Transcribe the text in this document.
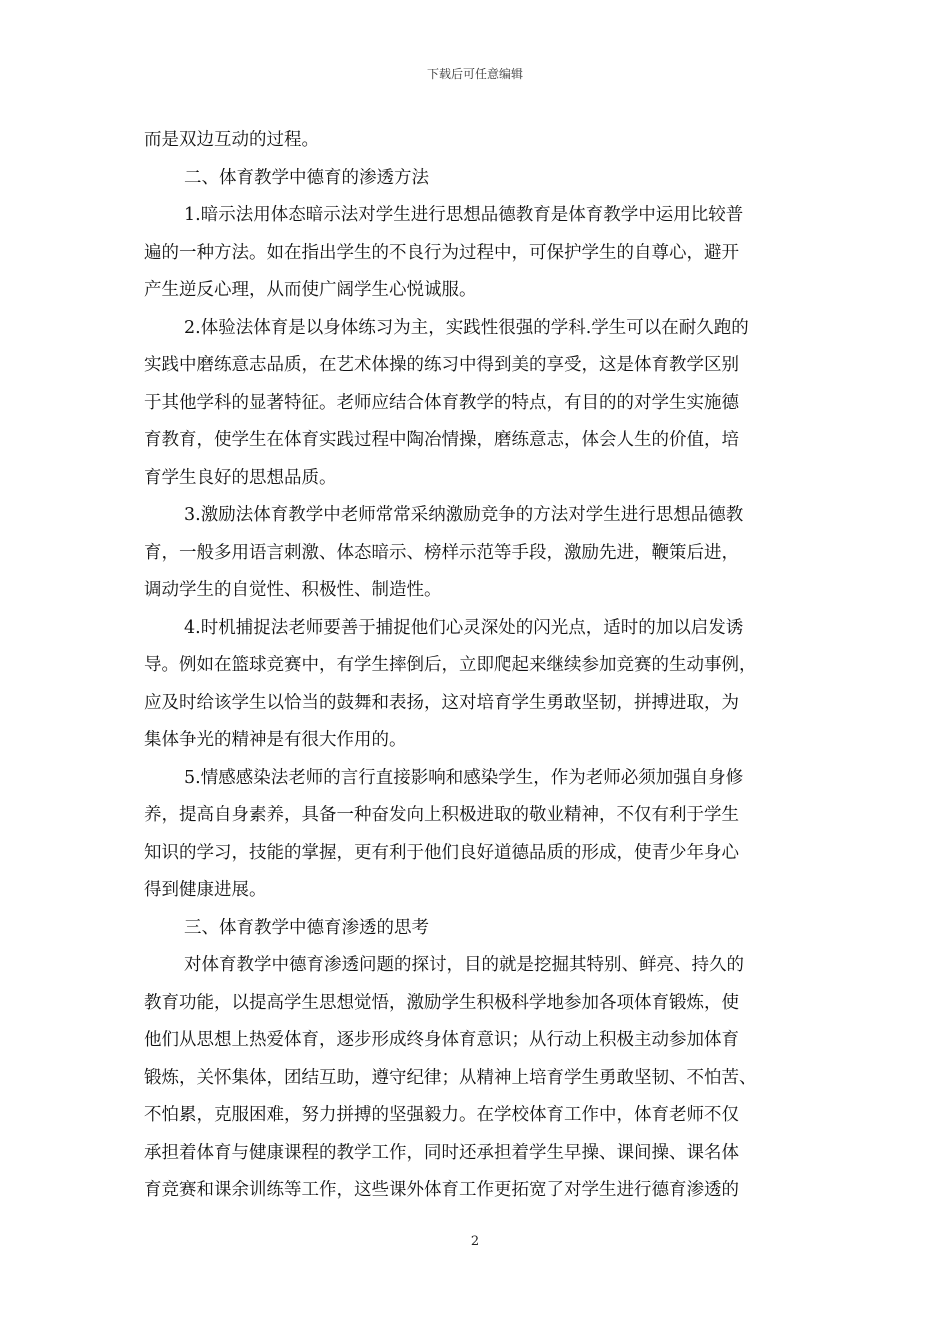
下载后可任意编辑
而是双边互动的过程。
二、体育教学中德育的渗透方法
1.暗示法用体态暗示法对学生进行思想品德教育是体育教学中运用比较普
遍的一种方法。如在指出学生的不良行为过程中，可保护学生的自尊心，避开
产生逆反心理，从而使广阔学生心悦诚服。
2.体验法体育是以身体练习为主，实践性很强的学科.学生可以在耐久跑的
实践中磨练意志品质，在艺术体操的练习中得到美的享受，这是体育教学区别
于其他学科的显著特征。老师应结合体育教学的特点，有目的的对学生实施德
育教育，使学生在体育实践过程中陶冶情操，磨练意志，体会人生的价值，培
育学生良好的思想品质。
3.激励法体育教学中老师常常采纳激励竞争的方法对学生进行思想品德教
育，一般多用语言刺激、体态暗示、榜样示范等手段，激励先进，鞭策后进，
调动学生的自觉性、积极性、制造性。
4.时机捕捉法老师要善于捕捉他们心灵深处的闪光点，适时的加以启发诱
导。例如在篮球竞赛中，有学生摔倒后，立即爬起来继续参加竞赛的生动事例，
应及时给该学生以恰当的鼓舞和表扬，这对培育学生勇敢坚韧，拼搏进取，为
集体争光的精神是有很大作用的。
5.情感感染法老师的言行直接影响和感染学生，作为老师必须加强自身修
养，提高自身素养，具备一种奋发向上积极进取的敬业精神，不仅有利于学生
知识的学习，技能的掌握，更有利于他们良好道德品质的形成，使青少年身心
得到健康进展。
三、体育教学中德育渗透的思考
对体育教学中德育渗透问题的探讨，目的就是挖掘其特别、鲜亮、持久的
教育功能，以提高学生思想觉悟，激励学生积极科学地参加各项体育锻炼，使
他们从思想上热爱体育，逐步形成终身体育意识；从行动上积极主动参加体育
锻炼，关怀集体，团结互助，遵守纪律；从精神上培育学生勇敢坚韧、不怕苦、
不怕累，克服困难，努力拼搏的坚强毅力。在学校体育工作中，体育老师不仅
承担着体育与健康课程的教学工作，同时还承担着学生早操、课间操、课名体
育竞赛和课余训练等工作，这些课外体育工作更拓宽了对学生进行德育渗透的
2
